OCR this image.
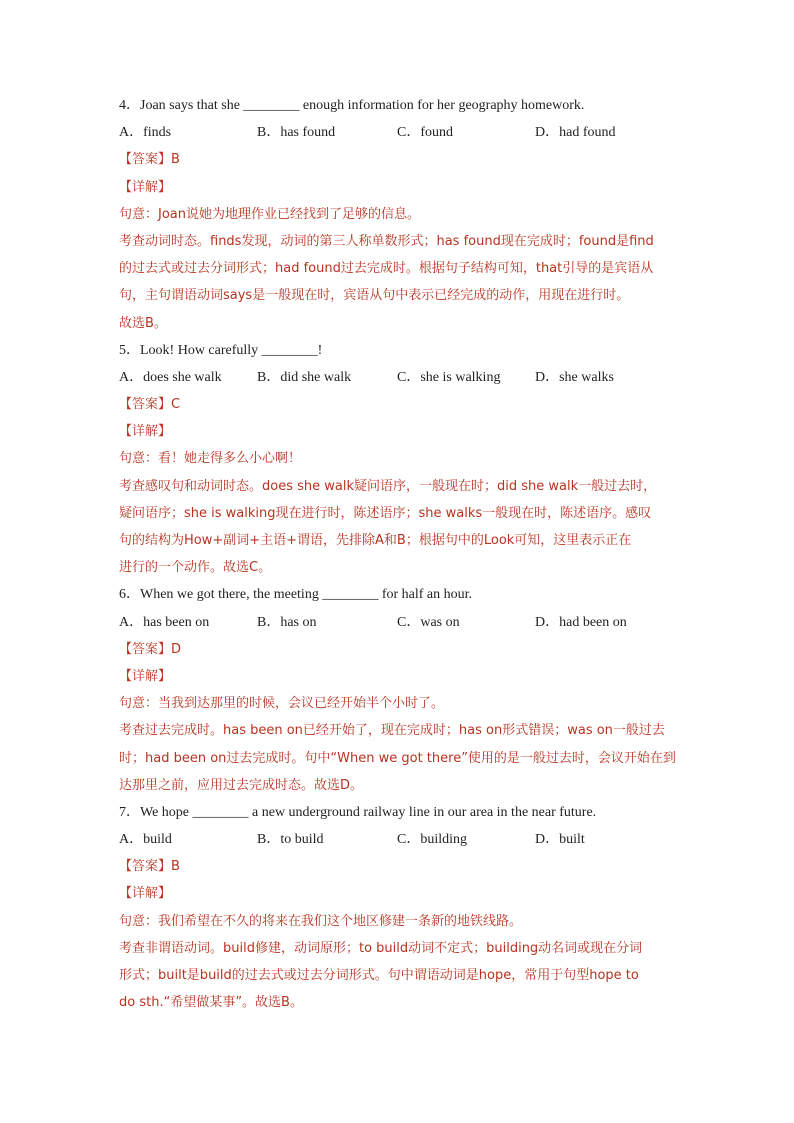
4．Joan says that she ________ enough information for her geography homework.
A．finds	B．has found	C．found	D．had found
【答案】B
【详解】
句意：Joan说她为地理作业已经找到了足够的信息。
考查动词时态。finds发现，动词的第三人称单数形式；has found现在完成时；found是find
的过去式或过去分词形式；had found过去完成时。根据句子结构可知，that引导的是宾语从
句，主句谓语动词says是一般现在时，宾语从句中表示已经完成的动作，用现在进行时。
故选B。
5．Look! How carefully ________!
A．does she walk	B．did she walk	C．she is walking D．she walks
【答案】C
【详解】
句意：看！她走得多么小心啊！
考查感叹句和动词时态。does she walk疑问语序，一般现在时；did she walk一般过去时，
疑问语序；she is walking现在进行时，陈述语序；she walks一般现在时，陈述语序。感叹
句的结构为How+副词+主语+谓语，先排除A和B；根据句中的Look可知，这里表示正在
进行的一个动作。故选C。
6．When we got there, the meeting ________ for half an hour.
A．has been on	B．has on	C．was on	D．had been on
【答案】D
【详解】
句意：当我到达那里的时候，会议已经开始半个小时了。
考查过去完成时。has been on已经开始了，现在完成时；has on形式错误；was on一般过去
时；had been on过去完成时。句中“When we got there”使用的是一般过去时，会议开始在到
达那里之前，应用过去完成时态。故选D。
7．We hope ________ a new underground railway line in our area in the near future.
A．build	B．to build	C．building	D．built
【答案】B
【详解】
句意：我们希望在不久的将来在我们这个地区修建一条新的地铁线路。
考查非谓语动词。build修建，动词原形；to build动词不定式；building动名词或现在分词
形式；built是build的过去式或过去分词形式。句中谓语动词是hope，常用于句型hope to
do sth.“希望做某事”。故选B。
